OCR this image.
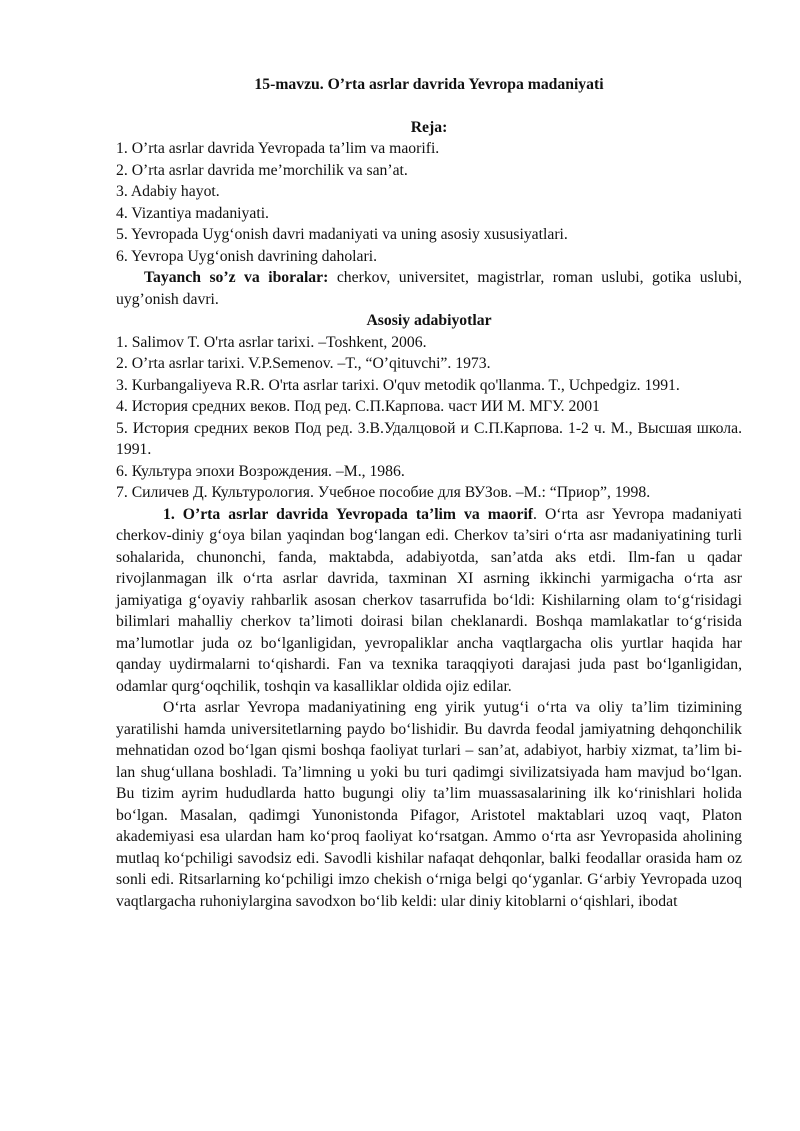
15-mavzu. O’rta asrlar davrida Yevropa madaniyati
Reja:
1. O’rta asrlar davrida Yevropada ta’lim va maorifi.
2. O’rta asrlar davrida me’morchilik va san’at.
3. Adabiy hayot.
4. Vizantiya madaniyati.
5. Yevropada Uygʻonish davri madaniyati va uning asosiy xususiyatlari.
6. Yevropa Uygʻonish davrining daholari.
Tayanch so’z va iboralar: cherkov, universitet, magistrlar, roman uslubi, gotika uslubi, uyg’onish davri.
Asosiy adabiyotlar
1. Salimov T. O'rta asrlar tarixi. –Toshkent, 2006.
2. O’rta asrlar tarixi. V.P.Semenov. –T., “O’qituvchi”. 1973.
3. Kurbangaliyeva R.R. O'rta asrlar tarixi. O'quv metodik qo'llanma. T., Uchpedgiz. 1991.
4. История средних веков. Под ред. С.П.Карпова. част ИИ М. МГУ. 2001
5. История средних веков Под ред. З.В.Удалцовой и С.П.Карпова. 1-2 ч. М., Высшая школа. 1991.
6. Культура эпохи Возрождения. –М., 1986.
7. Силичев Д. Культурология. Учебное пособие для ВУЗов. –М.: “Приор”, 1998.
1. O’rta asrlar davrida Yevropada ta’lim va maorif. Oʻrta asr Yevropa madaniyati cherkov-diniy gʻoya bilan yaqindan bogʻlangan edi. Cherkov ta’siri oʻrta asr madaniyatining turli sohalarida, chunonchi, fanda, maktabda, adabiyotda, san’atda aks etdi. Ilm-fan u qadar rivojlanmagan ilk oʻrta asrlar davrida, taxminan XI asrning ikkinchi yarmigacha oʻrta asr jamiyatiga gʻoyaviy rahbarlik asosan cherkov tasarrufida boʻldi: Kishilarning olam toʻgʻrisidagi bilimlari mahalliy cherkov ta’limoti doirasi bilan cheklanardi. Boshqa mamlakatlar toʻgʻrisida ma’lumotlar juda oz boʻlganligidan, yevropaliklar ancha vaqtlargacha olis yurtlar haqida har qanday uydirmalarni toʻqishardi. Fan va texnika taraqqiyoti darajasi juda past boʻlganligidan, odamlar qurgʻoqchilik, toshqin va kasalliklar oldida ojiz edilar.
Oʻrta asrlar Yevropa madaniyatining eng yirik yutugʻi oʻrta va oliy ta’lim tizimining yaratilishi hamda universitetlarning paydo boʻlishidir. Bu davrda feodal jamiyatning dehqonchilik mehnatidan ozod boʻlgan qismi boshqa faoliyat turlari – san’at, adabiyot, harbiy xizmat, ta’lim bi-lan shugʻullana boshladi. Ta’limning u yoki bu turi qadimgi sivilizatsiyada ham mavjud boʻlgan. Bu tizim ayrim hududlarda hatto bugungi oliy ta’lim muassasalarining ilk koʻrinishlari holida boʻlgan. Masalan, qadimgi Yunonistonda Pifagor, Aristotel maktablari uzoq vaqt, Platon akademiyasi esa ulardan ham koʻproq faoliyat koʻrsatgan. Ammo oʻrta asr Yevropasida aholining mutlaq koʻpchiligi savodsiz edi. Savodli kishilar nafaqat dehqonlar, balki feodallar orasida ham oz sonli edi. Ritsarlarning koʻpchiligi imzo chekish oʻrniga belgi qoʻyganlar. Gʻarbiy Yevropada uzoq vaqtlargacha ruhoniylargina savodxon boʻlib keldi: ular diniy kitoblarni oʻqishlari, ibodat
